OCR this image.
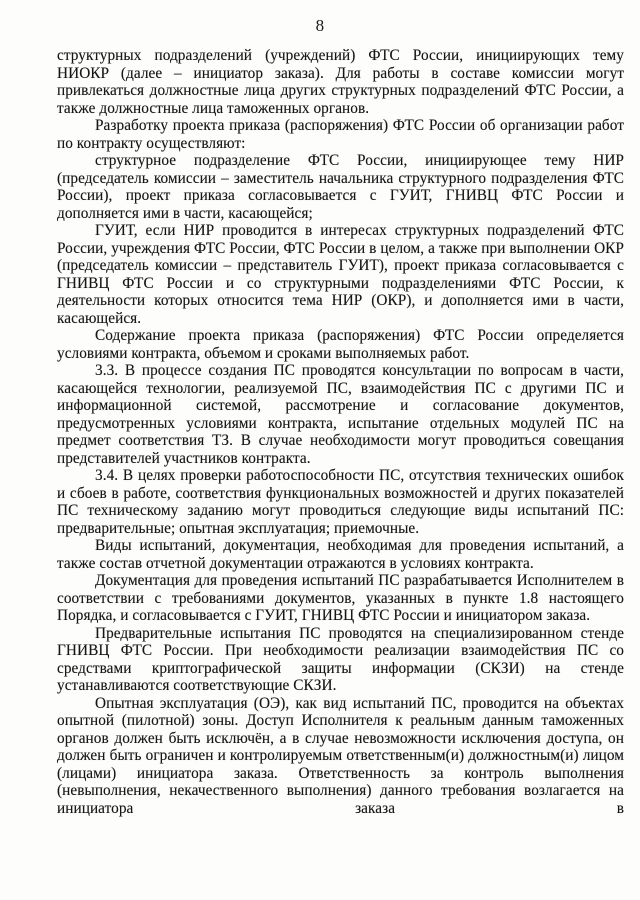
8

структурных подразделений (учреждений) ФТС России, инициирующих тему НИОКР (далее – инициатор заказа). Для работы в составе комиссии могут привлекаться должностные лица других структурных подразделений ФТС России, а также должностные лица таможенных органов.

Разработку проекта приказа (распоряжения) ФТС России об организации работ по контракту осуществляют:

структурное подразделение ФТС России, инициирующее тему НИР (председатель комиссии – заместитель начальника структурного подразделения ФТС России), проект приказа согласовывается с ГУИТ, ГНИВЦ ФТС России и дополняется ими в части, касающейся;

ГУИТ, если НИР проводится в интересах структурных подразделений ФТС России, учреждения ФТС России, ФТС России в целом, а также при выполнении ОКР (председатель комиссии – представитель ГУИТ), проект приказа согласовывается с ГНИВЦ ФТС России и со структурными подразделениями ФТС России, к деятельности которых относится тема НИР (ОКР), и дополняется ими в части, касающейся.

Содержание проекта приказа (распоряжения) ФТС России определяется условиями контракта, объемом и сроками выполняемых работ.

3.3. В процессе создания ПС проводятся консультации по вопросам в части, касающейся технологии, реализуемой ПС, взаимодействия ПС с другими ПС и информационной системой, рассмотрение и согласование документов, предусмотренных условиями контракта, испытание отдельных модулей ПС на предмет соответствия ТЗ. В случае необходимости могут проводиться совещания представителей участников контракта.

3.4. В целях проверки работоспособности ПС, отсутствия технических ошибок и сбоев в работе, соответствия функциональных возможностей и других показателей ПС техническому заданию могут проводиться следующие виды испытаний ПС: предварительные; опытная эксплуатация; приемочные.

Виды испытаний, документация, необходимая для проведения испытаний, а также состав отчетной документации отражаются в условиях контракта.

Документация для проведения испытаний ПС разрабатывается Исполнителем в соответствии с требованиями документов, указанных в пункте 1.8 настоящего Порядка, и согласовывается с ГУИТ, ГНИВЦ ФТС России и инициатором заказа.

Предварительные испытания ПС проводятся на специализированном стенде ГНИВЦ ФТС России. При необходимости реализации взаимодействия ПС со средствами криптографической защиты информации (СКЗИ) на стенде устанавливаются соответствующие СКЗИ.

Опытная эксплуатация (ОЭ), как вид испытаний ПС, проводится на объектах опытной (пилотной) зоны. Доступ Исполнителя к реальным данным таможенных органов должен быть исключён, а в случае невозможности исключения доступа, он должен быть ограничен и контролируемым ответственным(и) должностным(и) лицом (лицами) инициатора заказа. Ответственность за контроль выполнения (невыполнения, некачественного выполнения) данного требования возлагается на инициатора заказа в
